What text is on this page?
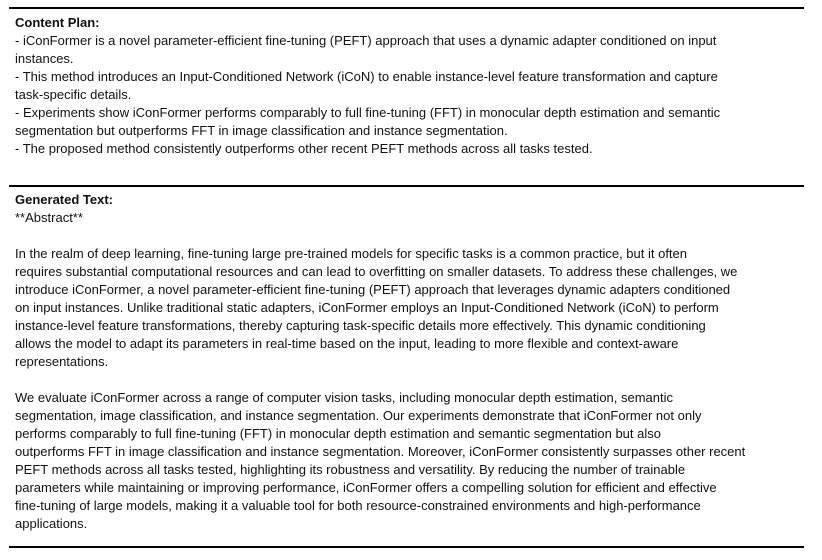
Content Plan:
- iConFormer is a novel parameter-efficient fine-tuning (PEFT) approach that uses a dynamic adapter conditioned on input
instances.
- This method introduces an Input-Conditioned Network (iCoN) to enable instance-level feature transformation and capture
task-specific details.
- Experiments show iConFormer performs comparably to full fine-tuning (FFT) in monocular depth estimation and semantic
segmentation but outperforms FFT in image classification and instance segmentation.
- The proposed method consistently outperforms other recent PEFT methods across all tasks tested.
Generated Text:
**Abstract**
In the realm of deep learning, fine-tuning large pre-trained models for specific tasks is a common practice, but it often
requires substantial computational resources and can lead to overfitting on smaller datasets. To address these challenges, we
introduce iConFormer, a novel parameter-efficient fine-tuning (PEFT) approach that leverages dynamic adapters conditioned
on input instances. Unlike traditional static adapters, iConFormer employs an Input-Conditioned Network (iCoN) to perform
instance-level feature transformations, thereby capturing task-specific details more effectively. This dynamic conditioning
allows the model to adapt its parameters in real-time based on the input, leading to more flexible and context-aware
representations.
We evaluate iConFormer across a range of computer vision tasks, including monocular depth estimation, semantic
segmentation, image classification, and instance segmentation. Our experiments demonstrate that iConFormer not only
performs comparably to full fine-tuning (FFT) in monocular depth estimation and semantic segmentation but also
outperforms FFT in image classification and instance segmentation. Moreover, iConFormer consistently surpasses other recent
PEFT methods across all tasks tested, highlighting its robustness and versatility. By reducing the number of trainable
parameters while maintaining or improving performance, iConFormer offers a compelling solution for efficient and effective
fine-tuning of large models, making it a valuable tool for both resource-constrained environments and high-performance
applications.
